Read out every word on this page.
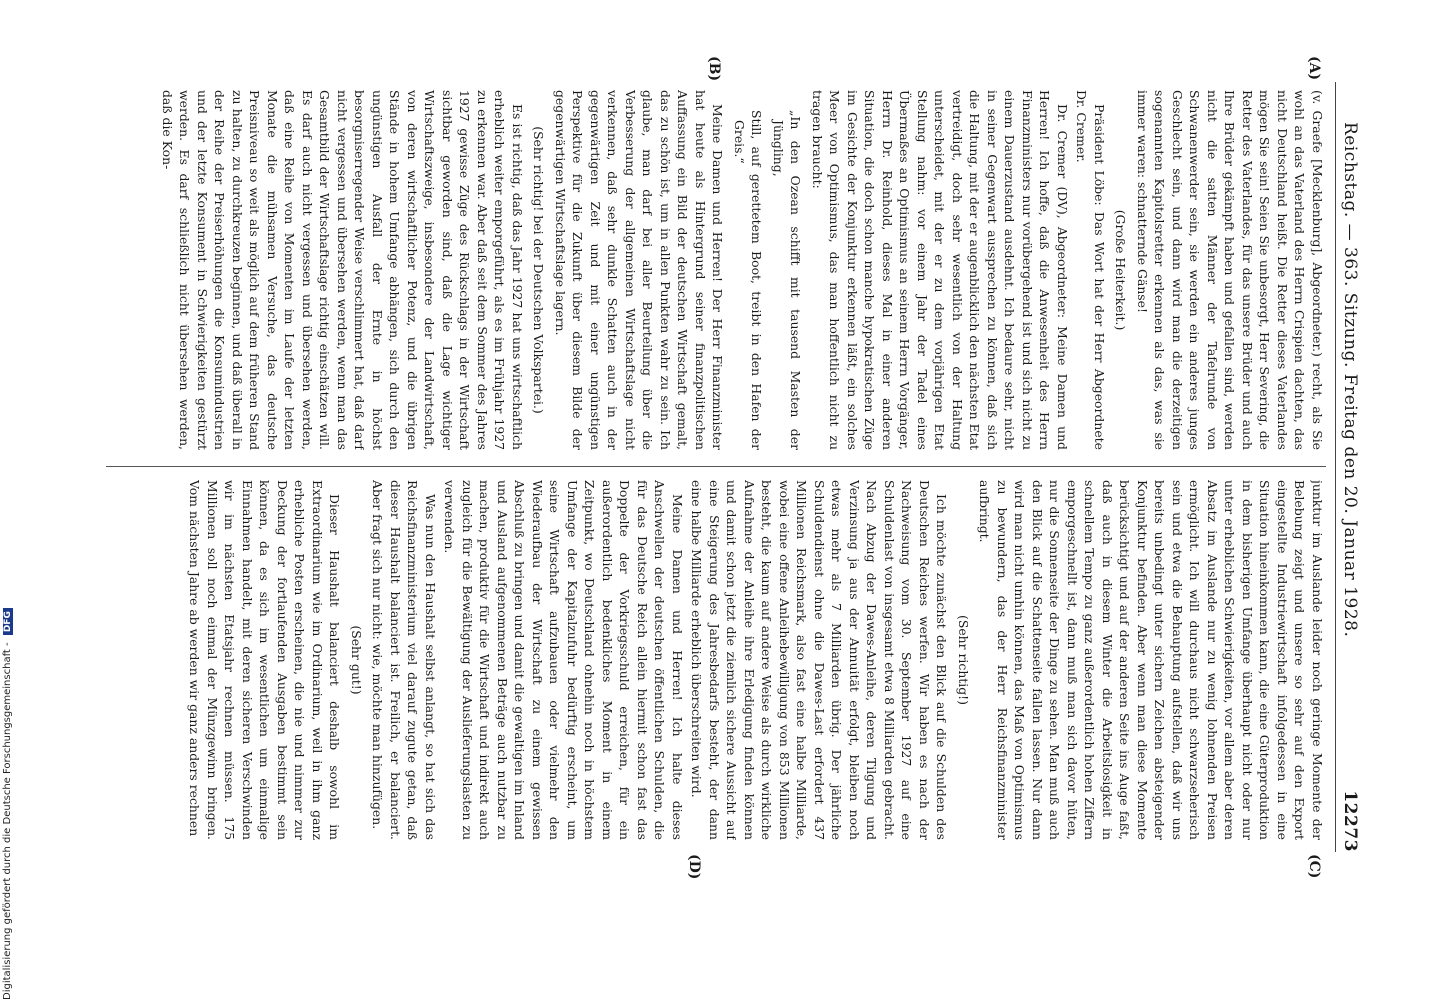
Reichstag. — 363. Sitzung. Freitag den 20. Januar 1928.
12273
(A)
(B)
(C)
(D)

(v. Graefe [Mecklenburg], Abgeordneter.) recht, als Sie wohl an das Vaterland des Herrn Crispien dachten, das nicht Deutschland heißt. Die Retter dieses Vaterlandes mögen Sie sein! Seien Sie unbesorgt, Herr Severing, die Retter des Vaterlandes, für das unsere Brüder und auch Ihre Brüder gekämpft haben und gefallen sind, werden nicht die satten Männer der Tafelrunde von Schwanenwerder sein, sie werden ein anderes junges Geschlecht sein, und dann wird man die derzeitigen sogenannten Kapitolsretter erkennen als das, was sie immer waren: schnatternde Gänse!

(Große Heiterkeit.)

Präsident Löbe: Das Wort hat der Herr Abgeordnete Dr. Cremer.

Dr. Cremer (DV), Abgeordneter: Meine Damen und Herren! Ich hoffe, daß die Anwesenheit des Herrn Finanzministers nur vorübergehend ist und sich nicht zu einem Dauerzustand ausdehnt. Ich bedaure sehr, nicht in seiner Gegenwart aussprechen zu können, daß sich die Haltung, mit der er augenblicklich den nächsten Etat vertreidigt, doch sehr wesentlich von der Haltung unterscheidet, mit der er zu dem vorjährigen Etat Stellung nahm: vor einem Jahr der Tadel eines Übermaßes an Optimismus an seinem Herrn Vorgänger, Herrn Dr. Reinhold, dieses Mal in einer anderen Situation, die doch schon manche hypokratischen Züge im Gesichte der Konjunktur erkennen läßt, ein solches Meer von Optimismus, das man hoffentlich nicht zu tragen braucht:

„In den Ozean schifft mit tausend Masten der Jüngling,

Still, auf gerettetem Boot, treibt in den Hafen der Greis.“

Meine Damen und Herren! Der Herr Finanzminister hat heute als Hintergrund seiner finanzpolitischen Auffassung ein Bild der deutschen Wirtschaft gemalt, das zu schön ist, um in allen Punkten wahr zu sein. Ich glaube, man darf bei aller Beurteilung über die Verbesserung der allgemeinen Wirtschaftslage nicht verkennen, daß sehr dunkle Schatten auch in der gegenwärtigen Zeit und mit einer ungünstigen Perspektive für die Zukunft über diesem Bilde der gegenwärtigen Wirtschaftslage lagern.

(Sehr richtig! bei der Deutschen Volkspartei.)

Es ist richtig, daß das Jahr 1927 hat uns wirtschaftlich erheblich weiter emporgeführt, als es im Frühjahr 1927 zu erkennen war. Aber daß seit dem Sommer des Jahres 1927 gewisse Züge des Rückschlags in der Wirtschaft sichtbar geworden sind, daß die Lage wichtiger Wirtschaftszweige, insbesondere der Landwirtschaft, von deren wirtschaftlicher Potenz, und die übrigen Stände in hohem Umfange abhängen, sich durch den ungünstigen Ausfall der Ernte in höchst besorgniserregender Weise verschlimmert hat, daß darf nicht vergessen und übersehen werden, wenn man das Gesamtbild der Wirtschaftslage richtig einschätzen will. Es darf auch nicht vergessen und übersehen werden, daß eine Reihe von Momenten im Laufe der letzten Monate die mühsamen Versuche, das deutsche Preisniveau so weit als möglich auf dem früheren Stand zu halten, zu durchkreuzen beginnen, und daß überall in der Reihe der Preiserhöhungen die Konsumindustrien und der letzte Konsument in Schwierigkeiten gestürzt werden. Es darf schließlich nicht übersehen werden, daß die Kon-

junktur im Auslande leider noch geringe Momente der Belebung zeigt und unsere so sehr auf den Export eingestellte Industriewirtschaft infolgedessen in eine Situation hineinkommen kann, die eine Güterproduktion in dem bisherigen Umfange überhaupt nicht oder nur unter erheblichen Schwierigkeiten, vor allem aber deren Absatz im Auslande nur zu wenig lohnenden Preisen ermöglicht. Ich will durchaus nicht schwarzseherisch sein und etwa die Behauptung aufstellen, daß wir uns bereits unbedingt unter sichern Zeichen absteigender Konjunktur befinden. Aber wenn man diese Momente berücksichtigt und auf der anderen Seite ins Auge faßt, daß auch in diesem Winter die Arbeitslosigkeit in schnellem Tempo zu ganz außerordentlich hohen Ziffern emporgeschnellt ist, dann muß man sich davor hüten, nur die Sonnenseite der Dinge zu sehen. Man muß auch den Blick auf die Schattenseite fallen lassen. Nur dann wird man nicht umhin können, das Maß von Optimismus zu bewundern, das der Herr Reichsfinanzminister aufbringt.

(Sehr richtig!)

Ich möchte zunächst den Blick auf die Schulden des Deutschen Reiches werfen. Wir haben es nach der Nachweisung vom 30. September 1927 auf eine Schuldenlast von insgesamt etwa 8 Milliarden gebracht. Nach Abzug der Dawes-Anleihe, deren Tilgung und Verzinsung ja aus der Annuität erfolgt, bleiben noch etwas mehr als 7 Milliarden übrig. Der jährliche Schuldendienst ohne die Dawes-Last erfordert 437 Millionen Reichsmark, also fast eine halbe Milliarde, wobei eine offene Anleihebewilligung von 853 Millionen besteht, die kaum auf andere Weise als durch wirkliche Aufnahme der Anleihe ihre Erledigung finden können und damit schon jetzt die ziemlich sichere Aussicht auf eine Steigerung des Jahresbedarfs besteht, der dann eine halbe Milliarde erheblich überschreiten wird.

Meine Damen und Herren! Ich halte dieses Anschwellen der deutschen öffentlichen Schulden, die für das Deutsche Reich allein hiermit schon fast das Doppelte der Vorkriegsschuld erreichen, für ein außerordentlich bedenkliches Moment in einem Zeitpunkt, wo Deutschland ohnehin noch in höchstem Umfange der Kapitalzufuhr bedürftig erscheint, um seine Wirtschaft aufzubauen oder vielmehr den Wiederaufbau der Wirtschaft zu einem gewissen Abschluß zu bringen und damit die gewaltigen im Inland und Ausland aufgenommenen Beträge auch nutzbar zu machen, produktiv für die Wirtschaft und indirekt auch zugleich für die Bewältigung der Auslieferungslasten zu verwenden.

Was nun den Haushalt selbst anlangt, so hat sich das Reichsfinanzministerium viel darauf zugute getan, daß dieser Haushalt balanciert ist. Freilich, er balanciert. Aber fragt sich nur nicht: wie, möchte man hinzufügen.

(Sehr gut!)

Dieser Haushalt balanciert deshalb sowohl im Extraordinarium wie im Ordinarium, weil in ihm ganz erhebliche Posten erscheinen, die nie und nimmer zur Deckung der fortlaufenden Ausgaben bestimmt sein können, da es sich im wesentlichen um einmalige Einnahmen handelt, mit deren sicheren Verschwinden wir im nächsten Etatsjahr rechnen müssen. 175 Millionen soll noch einmal der Münzgewinn bringen. Vom nächsten Jahre ab werden wir ganz anders rechnen

Digitalisierung gefördert durch die Deutsche Forschungsgemeinschaft - DFG
